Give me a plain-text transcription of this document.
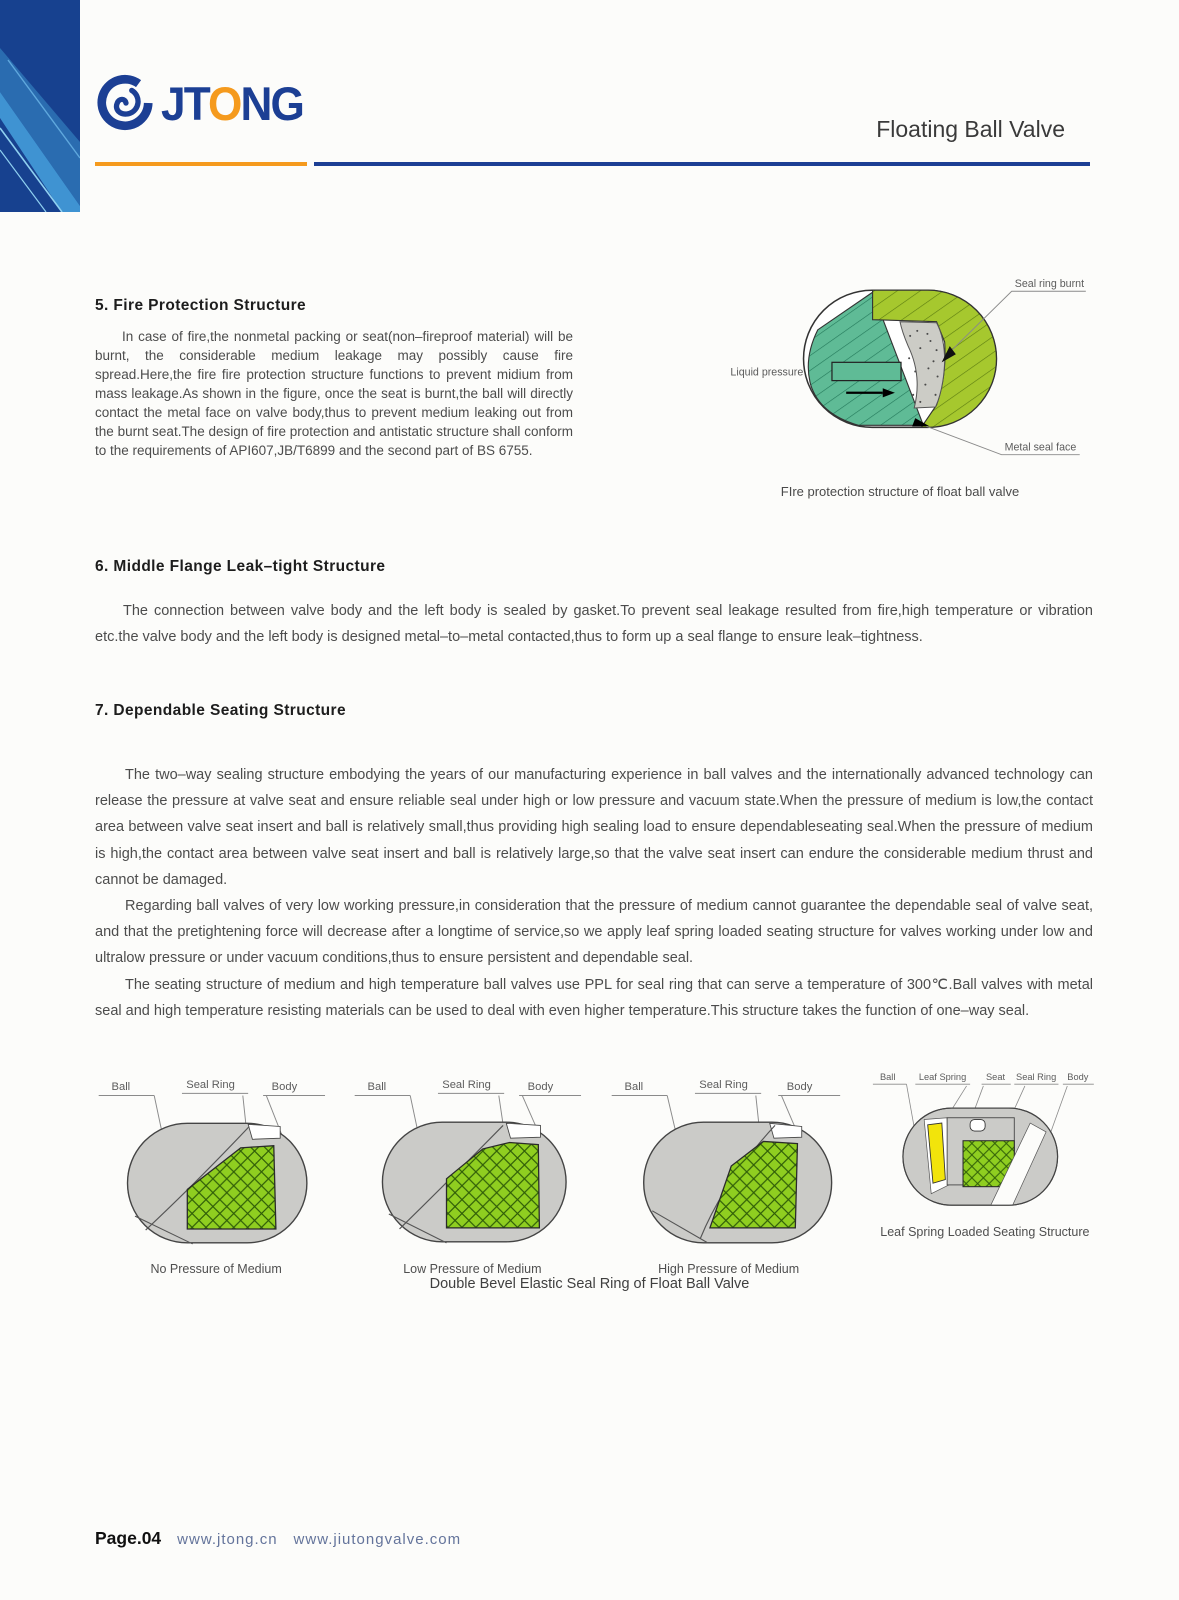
JTONG	Floating Ball Valve
5. Fire Protection Structure

In case of fire,the nonmetal packing or seat(non–fireproof material) will be burnt, the considerable medium leakage may possibly cause fire spread.Here,the fire fire protection structure functions to prevent midium from mass leakage.As shown in the figure, once the seat is burnt,the ball will directly contact the metal face on valve body,thus to prevent medium leaking out from the burnt seat.The design of fire protection and antistatic structure shall conform to the requirements of API607,JB/T6899 and the second part of BS 6755.

Seal ring burnt
Liquid pressure
Metal seal face
FIre protection structure of float ball valve
6. Middle Flange Leak–tight Structure

The connection between valve body and the left body is sealed by gasket.To prevent seal leakage resulted from fire,high temperature or vibration etc.the valve body and the left body is designed metal–to–metal contacted,thus to form up a seal flange to ensure leak–tightness.

7. Dependable Seating Structure

The two–way sealing structure embodying the years of our manufacturing experience in ball valves and the internationally advanced technology can release the pressure at valve seat and ensure reliable seal under high or low pressure and vacuum state.When the pressure of medium is low,the contact area between valve seat insert and ball is relatively small,thus providing high sealing load to ensure dependableseating seal.When the pressure of medium is high,the contact area between valve seat insert and ball is relatively large,so that the valve seat insert can endure the considerable medium thrust and cannot be damaged.

Regarding ball valves of very low working pressure,in consideration that the pressure of medium cannot guarantee the dependable seal of valve seat, and that the pretightening force will decrease after a longtime of service,so we apply leaf spring loaded seating structure for valves working under low and ultralow pressure or under vacuum conditions,thus to ensure persistent and dependable seal.

The seating structure of medium and high temperature ball valves use PPL for seal ring that can serve a temperature of 300℃.Ball valves with metal seal and high temperature resisting materials can be used to deal with even higher temperature.This structure takes the function of one–way seal.

Ball	Seal Ring	Body
No Pressure of Medium
Ball	Seal Ring	Body
Low Pressure of Medium
Ball	Seal Ring	Body
High Pressure of Medium
Ball Leaf Spring Seat Seal Ring Body
Leaf Spring Loaded Seating Structure
Double Bevel Elastic Seal Ring of Float Ball Valve
Page.04 www.jtong.cn www.jiutongvalve.com
